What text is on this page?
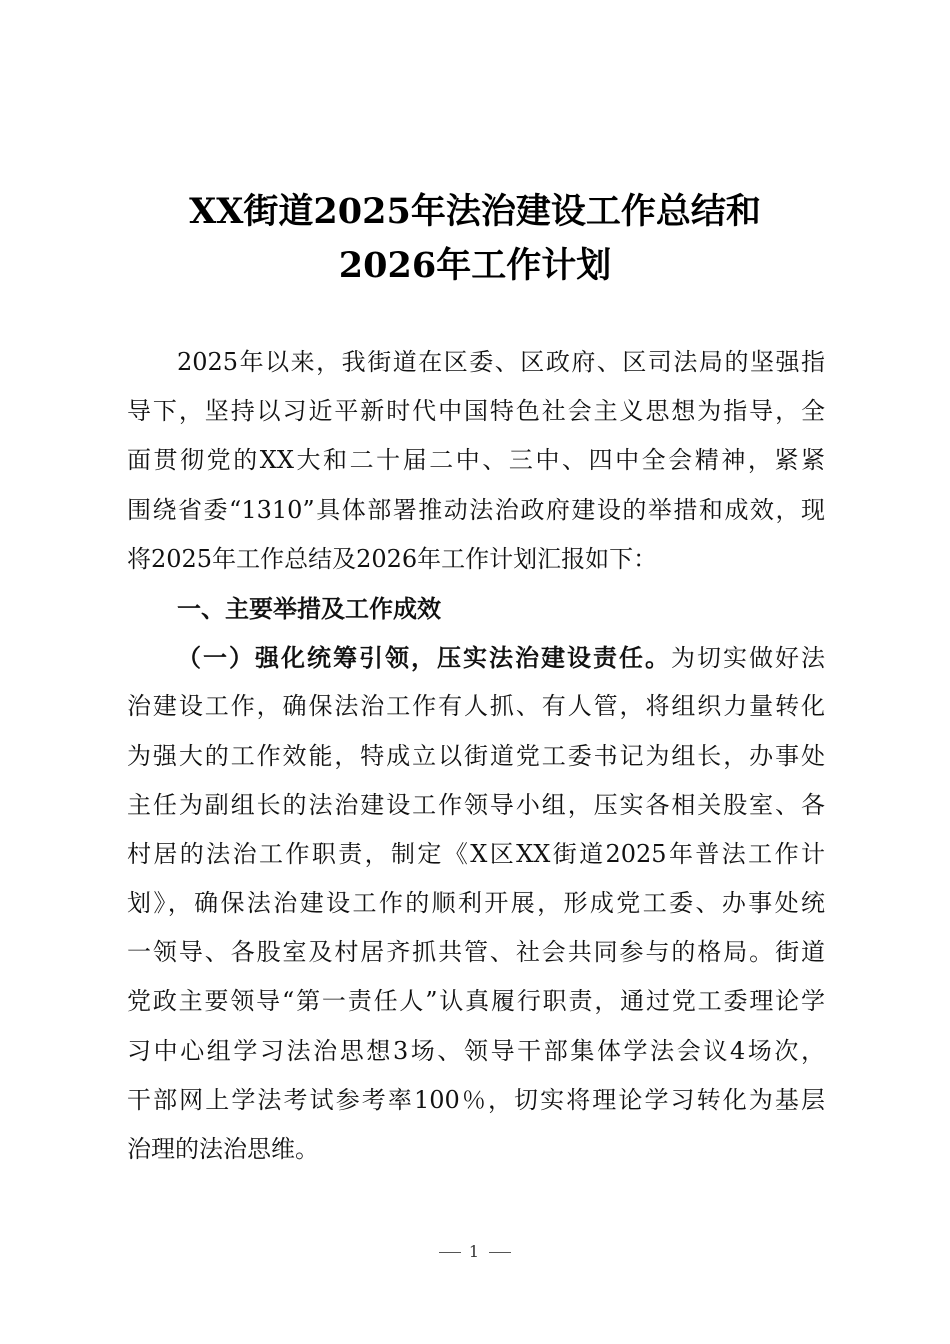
XX街道2025年法治建设工作总结和
2026年工作计划
2025年以来，我街道在区委、区政府、区司法局的坚强指
导下，坚持以习近平新时代中国特色社会主义思想为指导，全
面贯彻党的XX大和二十届二中、三中、四中全会精神，紧紧
围绕省委“1310”具体部署推动法治政府建设的举措和成效，现
将2025年工作总结及2026年工作计划汇报如下：
一、主要举措及工作成效
（一）强化统筹引领，压实法治建设责任。为切实做好法
治建设工作，确保法治工作有人抓、有人管，将组织力量转化
为强大的工作效能，特成立以街道党工委书记为组长，办事处
主任为副组长的法治建设工作领导小组，压实各相关股室、各
村居的法治工作职责，制定《X区XX街道2025年普法工作计
划》，确保法治建设工作的顺利开展，形成党工委、办事处统
一领导、各股室及村居齐抓共管、社会共同参与的格局。街道
党政主要领导“第一责任人”认真履行职责，通过党工委理论学
习中心组学习法治思想3场、领导干部集体学法会议4场次，
干部网上学法考试参考率100％，切实将理论学习转化为基层
治理的法治思维。
1
